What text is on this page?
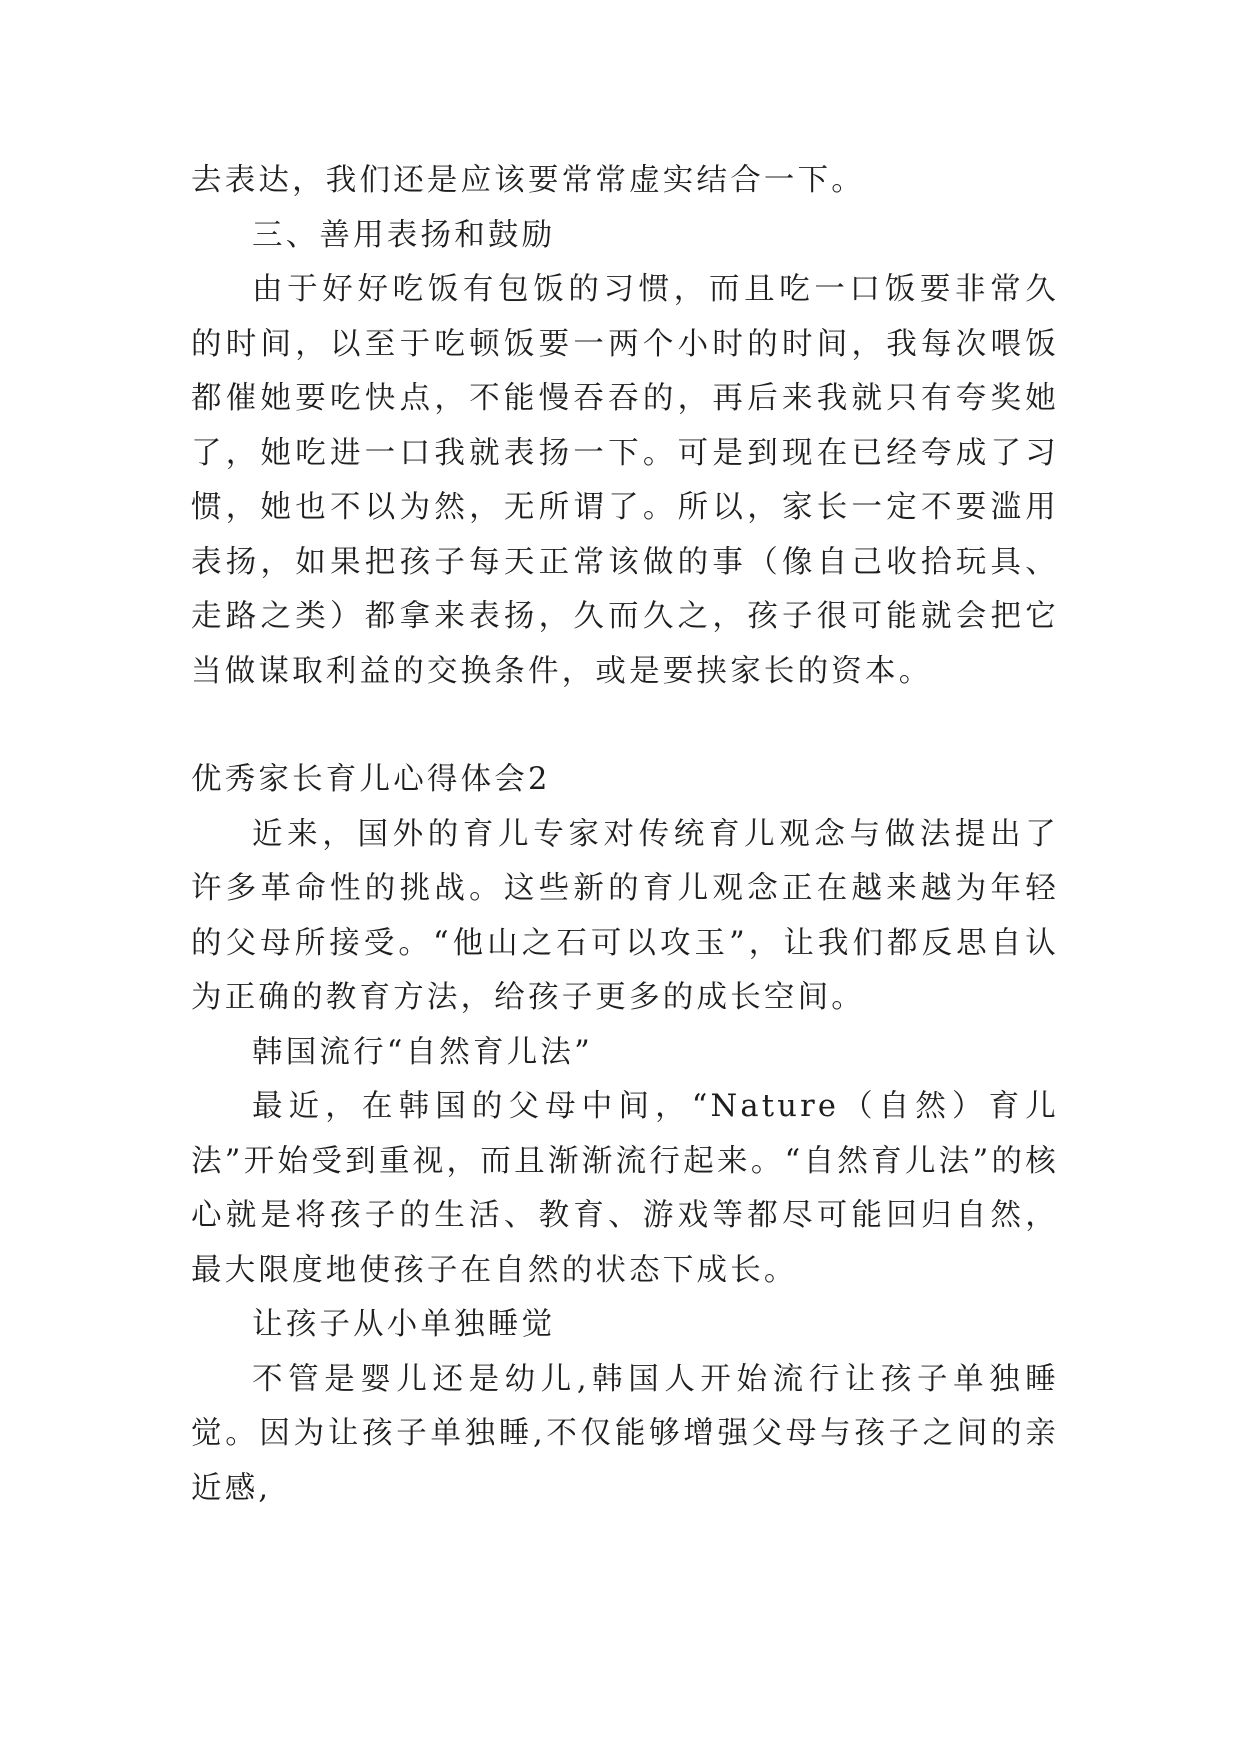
去表达，我们还是应该要常常虚实结合一下。

三、善用表扬和鼓励

由于好好吃饭有包饭的习惯，而且吃一口饭要非常久的时间，以至于吃顿饭要一两个小时的时间，我每次喂饭都催她要吃快点，不能慢吞吞的，再后来我就只有夸奖她了，她吃进一口我就表扬一下。可是到现在已经夸成了习惯，她也不以为然，无所谓了。所以，家长一定不要滥用表扬，如果把孩子每天正常该做的事（像自己收拾玩具、走路之类）都拿来表扬，久而久之，孩子很可能就会把它当做谋取利益的交换条件，或是要挟家长的资本。

优秀家长育儿心得体会2

近来，国外的育儿专家对传统育儿观念与做法提出了许多革命性的挑战。这些新的育儿观念正在越来越为年轻的父母所接受。“他山之石可以攻玉”，让我们都反思自认为正确的教育方法，给孩子更多的成长空间。

韩国流行“自然育儿法”

最近，在韩国的父母中间，“Nature（自然）育儿法”开始受到重视，而且渐渐流行起来。“自然育儿法”的核心就是将孩子的生活、教育、游戏等都尽可能回归自然，最大限度地使孩子在自然的状态下成长。

让孩子从小单独睡觉

不管是婴儿还是幼儿,韩国人开始流行让孩子单独睡觉。因为让孩子单独睡,不仅能够增强父母与孩子之间的亲近感,
